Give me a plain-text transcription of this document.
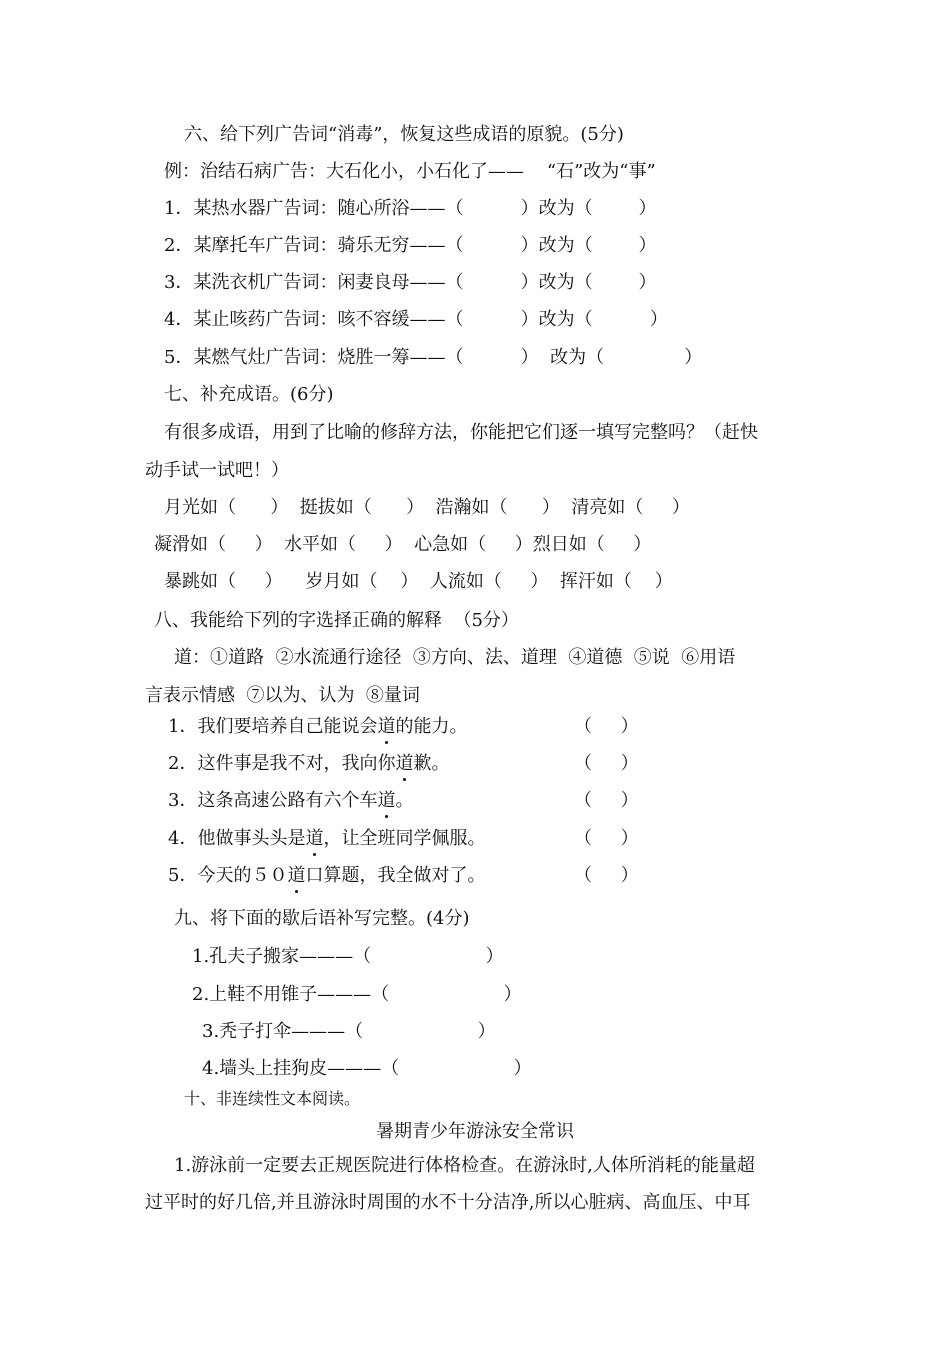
六、给下列广告词“消毒”，恢复这些成语的原貌。(5分)
例：治结石病广告：大石化小，小石化了——    “石”改为“事”
1．某热水器广告词：随心所浴——（          ）改为（        ）
2．某摩托车广告词：骑乐无穷——（          ）改为（        ）
3．某洗衣机广告词：闲妻良母——（          ）改为（        ）
4．某止咳药广告词：咳不容缓——（          ）改为（          ）
5．某燃气灶广告词：烧胜一筹——（          ）  改为（              ）
七、补充成语。(6分)
有很多成语，用到了比喻的修辞方法，你能把它们逐一填写完整吗？（赶快
动手试一试吧！）
月光如（      ）  挺拔如（      ）  浩瀚如（      ）  清亮如（     ）
凝滑如（     ）  水平如（     ）  心急如（     ）烈日如（     ）
暴跳如（     ）    岁月如（    ）  人流如（     ）  挥汗如（    ）
八、我能给下列的字选择正确的解释  （5分）
道：①道路  ②水流通行途径  ③方向、法、道理  ④道德  ⑤说  ⑥用语
言表示情感  ⑦以为、认为  ⑧量词
1．我们要培养自己能说会道的能力。	（     ）
2．这件事是我不对，我向你道歉。	（     ）
3．这条高速公路有六个车道。	（     ）
4．他做事头头是道，让全班同学佩服。	（     ）
5．今天的５０道口算题，我全做对了。	（     ）
九、将下面的歇后语补写完整。(4分)
1.孔夫子搬家———（                    ）
2.上鞋不用锥子———（                    ）
3.秃子打伞———（                    ）
4.墙头上挂狗皮———（                    ）
十、非连续性文本阅读。
暑期青少年游泳安全常识
1.游泳前一定要去正规医院进行体格检查。在游泳时,人体所消耗的能量超
过平时的好几倍,并且游泳时周围的水不十分洁净,所以心脏病、高血压、中耳
